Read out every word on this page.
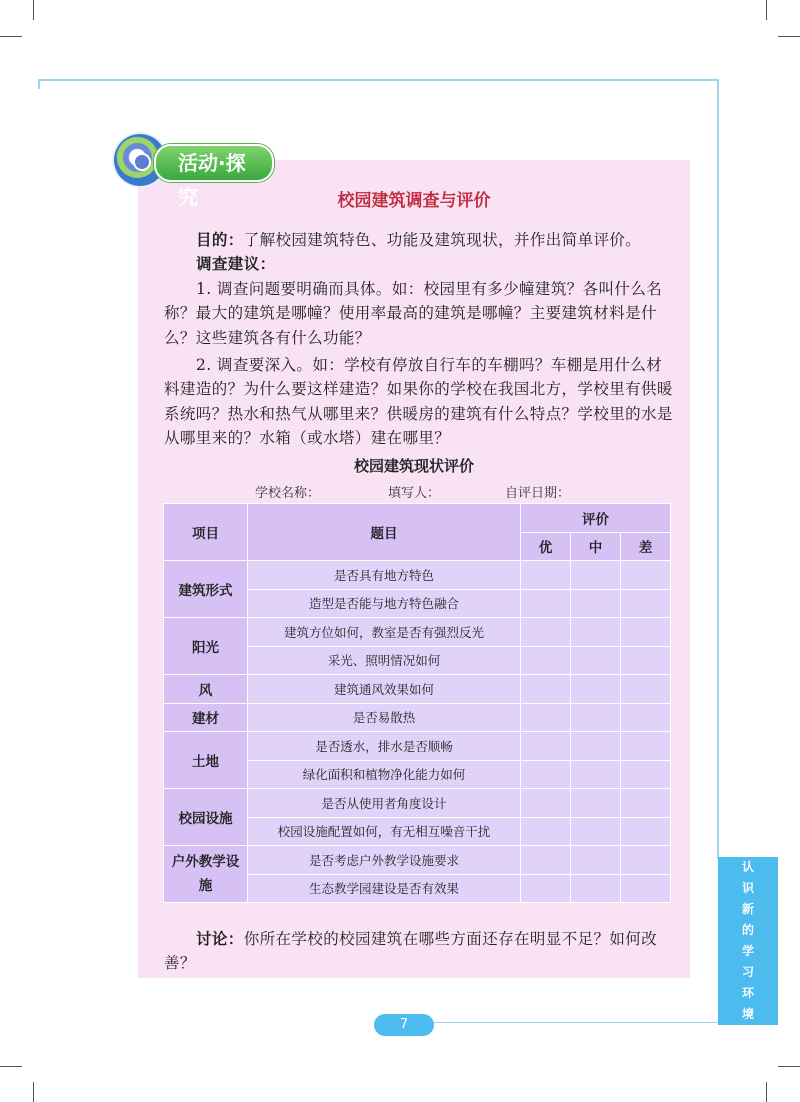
活动·探究	校园建筑调查与评价
目的：了解校园建筑特色、功能及建筑现状，并作出简单评价。
调查建议：
1. 调查问题要明确而具体。如：校园里有多少幢建筑？各叫什么名称？最大的建筑是哪幢？使用率最高的建筑是哪幢？主要建筑材料是什么？这些建筑各有什么功能？
2. 调查要深入。如：学校有停放自行车的车棚吗？车棚是用什么材料建造的？为什么要这样建造？如果你的学校在我国北方，学校里有供暖系统吗？热水和热气从哪里来？供暖房的建筑有什么特点？学校里的水是从哪里来的？水箱（或水塔）建在哪里？
校园建筑现状评价
学校名称：	填写人：	自评日期：
项目	题目	评价		
		优	中	差
建筑形式	是否具有地方特色			
	造型是否能与地方特色融合			
阳光	建筑方位如何，教室是否有强烈反光			
	采光、照明情况如何			
风	建筑通风效果如何			
建材	是否易散热			
土地	是否透水，排水是否顺畅			
	绿化面积和植物净化能力如何			
校园设施	是否从使用者角度设计			
	校园设施配置如何，有无相互噪音干扰			
户外教学设施	是否考虑户外教学设施要求			
	生态教学园建设是否有效果			
讨论：你所在学校的校园建筑在哪些方面还存在明显不足？如何改善？
认
识
新
的
学
习
环
境
7
